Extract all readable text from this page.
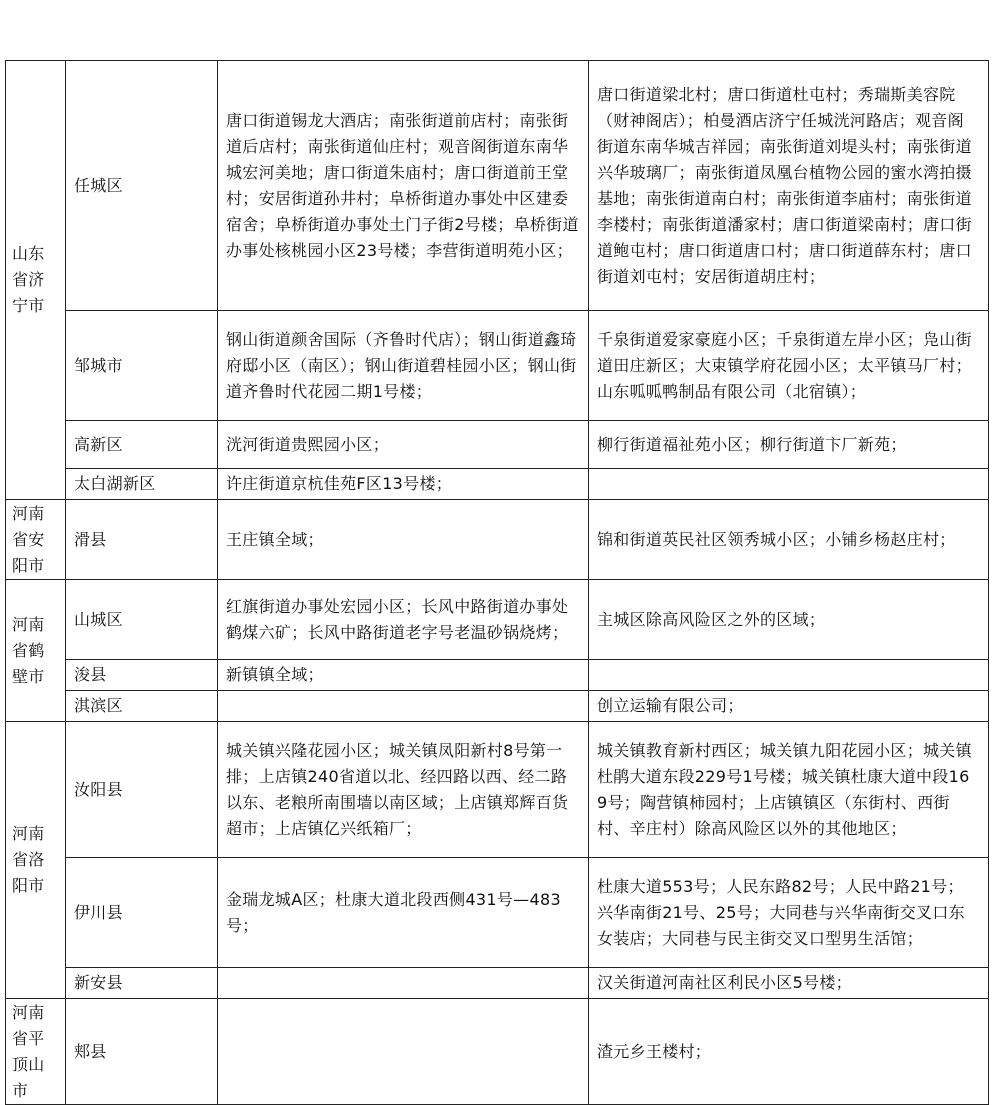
山东省济宁市	任城区	唐口街道锡龙大酒店；南张街道前店村；南张街道后店村；南张街道仙庄村；观音阁街道东南华城宏河美地；唐口街道朱庙村；唐口街道前王堂村；安居街道孙井村；阜桥街道办事处中区建委宿舍；阜桥街道办事处土门子街2号楼；阜桥街道办事处核桃园小区23号楼；李营街道明苑小区；	唐口街道梁北村；唐口街道杜屯村；秀瑞斯美容院（财神阁店）；柏曼酒店济宁任城洸河路店；观音阁街道东南华城吉祥园；南张街道刘堤头村；南张街道兴华玻璃厂；南张街道凤凰台植物公园的蜜水湾拍摄基地；南张街道南白村；南张街道李庙村；南张街道李楼村；南张街道潘家村；唐口街道梁南村；唐口街道鲍屯村；唐口街道唐口村；唐口街道薛东村；唐口街道刘屯村；安居街道胡庄村；
	邹城市	钢山街道颜舍国际（齐鲁时代店）；钢山街道鑫琦府邸小区（南区）；钢山街道碧桂园小区；钢山街道齐鲁时代花园二期1号楼；	千泉街道爱家豪庭小区；千泉街道左岸小区；凫山街道田庄新区；大束镇学府花园小区；太平镇马厂村；山东呱呱鸭制品有限公司（北宿镇）；
	高新区	洸河街道贵熙园小区；	柳行街道福祉苑小区；柳行街道卞厂新苑；
	太白湖新区	许庄街道京杭佳苑F区13号楼；	
河南省安阳市	滑县	王庄镇全域；	锦和街道英民社区领秀城小区；小铺乡杨赵庄村；
河南省鹤壁市	山城区	红旗街道办事处宏园小区；长风中路街道办事处鹤煤六矿；长风中路街道老字号老温砂锅烧烤；	主城区除高风险区之外的区域；
	浚县	新镇镇全域；	
	淇滨区		创立运输有限公司；
河南省洛阳市	汝阳县	城关镇兴隆花园小区；城关镇凤阳新村8号第一排；上店镇240省道以北、经四路以西、经二路以东、老粮所南围墙以南区域；上店镇郑辉百货超市；上店镇亿兴纸箱厂；	城关镇教育新村西区；城关镇九阳花园小区；城关镇杜鹃大道东段229号1号楼；城关镇杜康大道中段169号；陶营镇柿园村；上店镇镇区（东街村、西街村、辛庄村）除高风险区以外的其他地区；
	伊川县	金瑞龙城A区；杜康大道北段西侧431号—483号；	杜康大道553号；人民东路82号；人民中路21号；兴华南街21号、25号；大同巷与兴华南街交叉口东女装店；大同巷与民主街交叉口型男生活馆；
	新安县		汉关街道河南社区利民小区5号楼；
河南省平顶山市	郏县		渣元乡王楼村；
